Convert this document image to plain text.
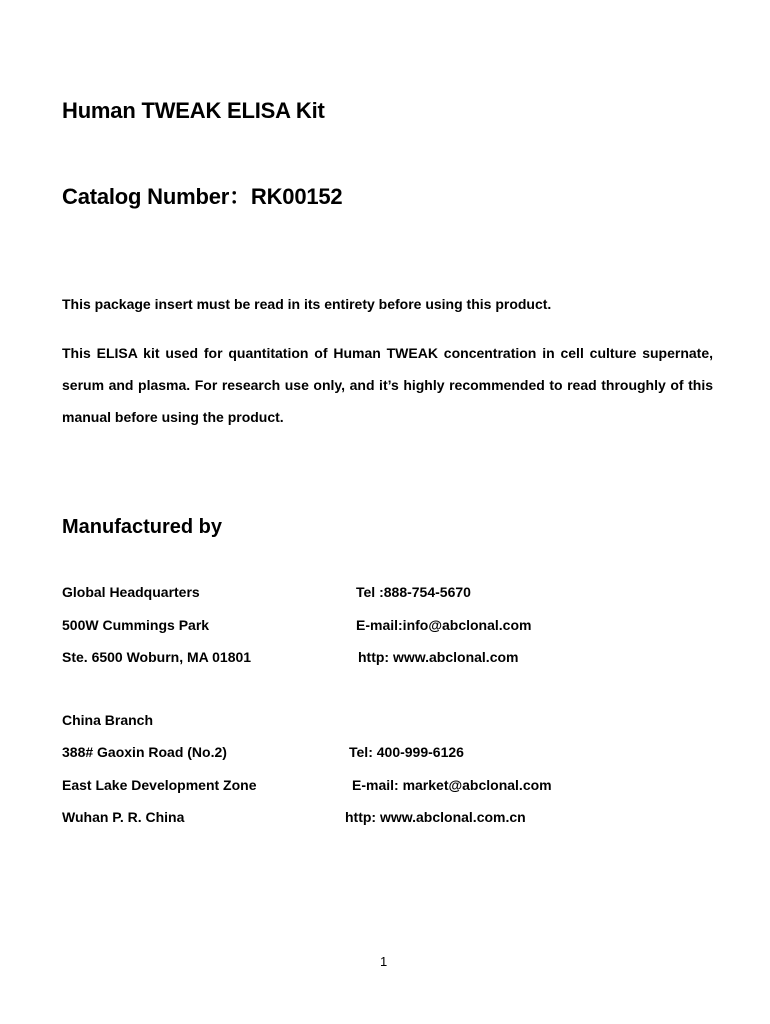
Human TWEAK ELISA Kit
Catalog Number：RK00152
This package insert must be read in its entirety before using this product.
This ELISA kit used for quantitation of Human TWEAK concentration in cell culture supernate, serum and plasma. For research use only, and it’s highly recommended to read throughly of this manual before using the product.
Manufactured by
Global Headquarters	Tel :888-754-5670
500W Cummings Park	E-mail:info@abclonal.com
Ste. 6500 Woburn, MA 01801	http: www.abclonal.com
China Branch
388# Gaoxin Road (No.2)	Tel: 400-999-6126
East Lake Development Zone	E-mail: market@abclonal.com
Wuhan P. R. China	http: www.abclonal.com.cn
1
